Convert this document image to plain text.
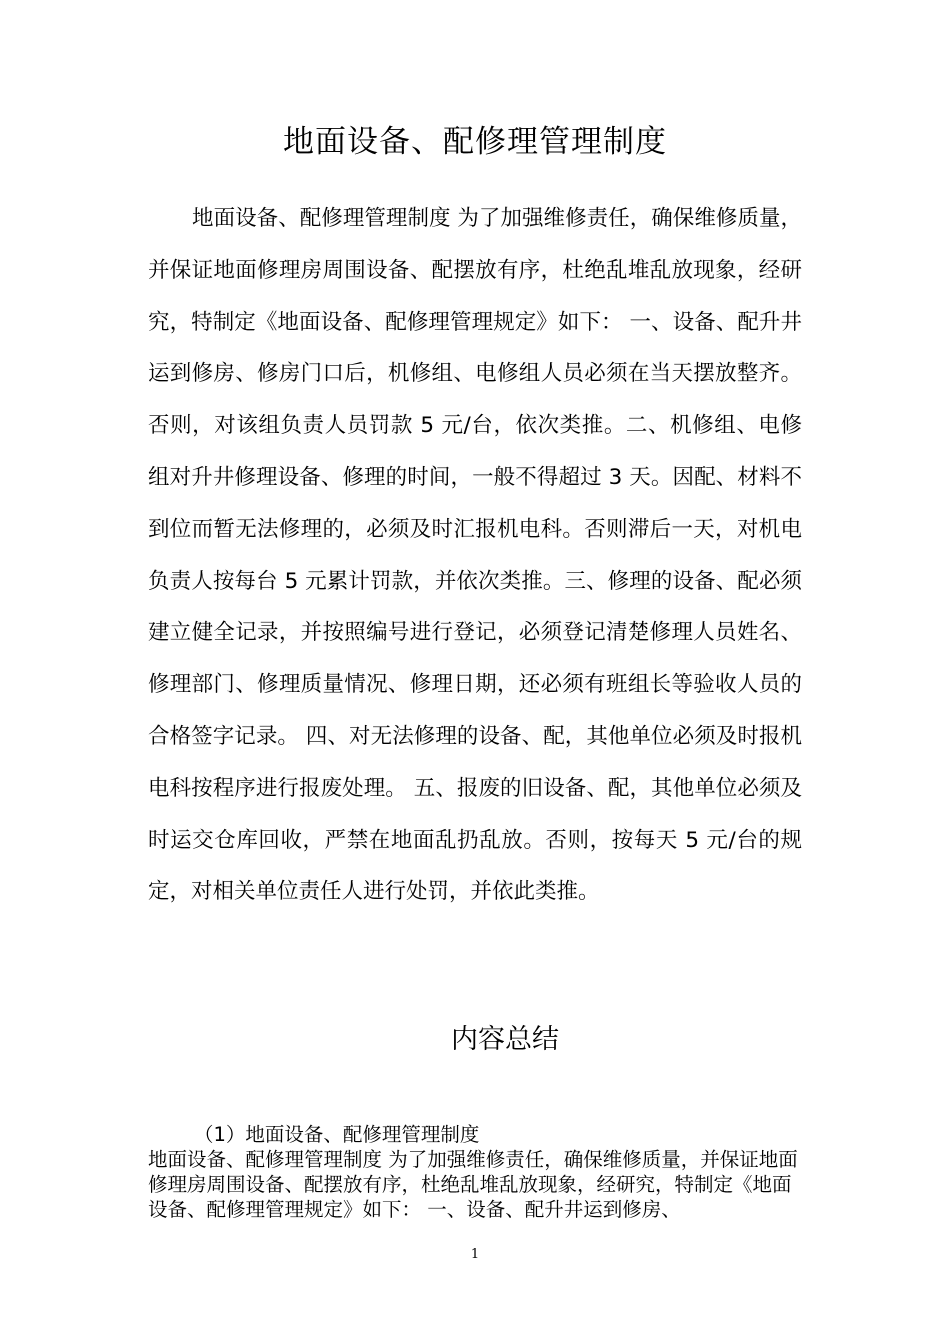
地面设备、配修理管理制度

地面设备、配修理管理制度 为了加强维修责任，确保维修质量，并保证地面修理房周围设备、配摆放有序，杜绝乱堆乱放现象，经研究，特制定《地面设备、配修理管理规定》如下： 一、设备、配升井运到修房、修房门口后，机修组、电修组人员必须在当天摆放整齐。否则，对该组负责人员罚款 5 元/台，依次类推。二、机修组、电修组对升井修理设备、修理的时间，一般不得超过 3 天。因配、材料不到位而暂无法修理的，必须及时汇报机电科。否则滞后一天，对机电负责人按每台 5 元累计罚款，并依次类推。三、修理的设备、配必须建立健全记录，并按照编号进行登记，必须登记清楚修理人员姓名、修理部门、修理质量情况、修理日期，还必须有班组长等验收人员的合格签字记录。 四、对无法修理的设备、配，其他单位必须及时报机电科按程序进行报废处理。 五、报废的旧设备、配，其他单位必须及时运交仓库回收，严禁在地面乱扔乱放。否则，按每天 5 元/台的规定，对相关单位责任人进行处罚，并依此类推。

内容总结
（1）地面设备、配修理管理制度
地面设备、配修理管理制度 为了加强维修责任，确保维修质量，并保证地面修理房周围设备、配摆放有序，杜绝乱堆乱放现象，经研究，特制定《地面设备、配修理管理规定》如下： 一、设备、配升井运到修房、
1
